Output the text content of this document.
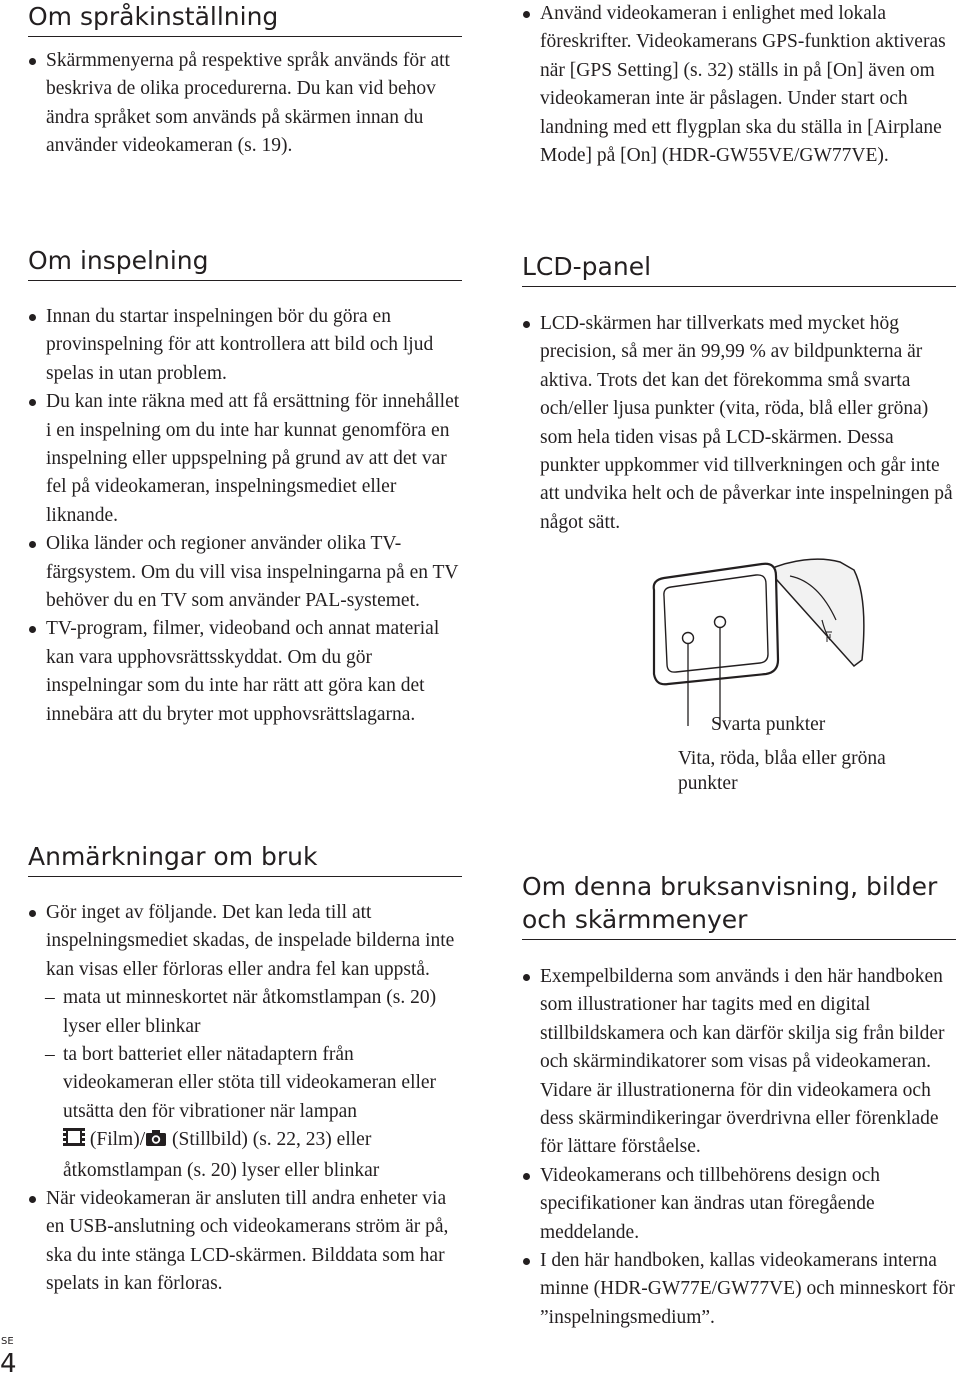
Om språkinställning
Skärmmenyerna på respektive språk används för att beskriva de olika procedurerna. Du kan vid behov ändra språket som används på skärmen innan du använder videokameran (s. 19).
Använd videokameran i enlighet med lokala föreskrifter. Videokamerans GPS-funktion aktiveras när [GPS Setting] (s. 32) ställs in på [On] även om videokameran inte är påslagen. Under start och landning med ett flygplan ska du ställa in [Airplane Mode] på [On] (HDR-GW55VE/GW77VE).
Om inspelning
Innan du startar inspelningen bör du göra en provinspelning för att kontrollera att bild och ljud spelas in utan problem.
Du kan inte räkna med att få ersättning för innehållet i en inspelning om du inte har kunnat genomföra en inspelning eller uppspelning på grund av att det var fel på videokameran, inspelningsmediet eller liknande.
Olika länder och regioner använder olika TV-färgsystem. Om du vill visa inspelningarna på en TV behöver du en TV som använder PAL-systemet.
TV-program, filmer, videoband och annat material kan vara upphovsrättsskyddat. Om du gör inspelningar som du inte har rätt att göra kan det innebära att du bryter mot upphovsrättslagarna.
LCD-panel
LCD-skärmen har tillverkats med mycket hög precision, så mer än 99,99 % av bildpunkterna är aktiva. Trots det kan det förekomma små svarta och/eller ljusa punkter (vita, röda, blå eller gröna) som hela tiden visas på LCD-skärmen. Dessa punkter uppkommer vid tillverkningen och går inte att undvika helt och de påverkar inte inspelningen på något sätt.
Svarta punkter
Vita, röda, blåa eller gröna punkter
Anmärkningar om bruk
Gör inget av följande. Det kan leda till att inspelningsmediet skadas, de inspelade bilderna inte kan visas eller förloras eller andra fel kan uppstå.
– mata ut minneskortet när åtkomstlampan (s. 20) lyser eller blinkar
– ta bort batteriet eller nätadaptern från videokameran eller stöta till videokameran eller utsätta den för vibrationer när lampan
(Film)/ (Stillbild) (s. 22, 23) eller åtkomstlampan (s. 20) lyser eller blinkar
När videokameran är ansluten till andra enheter via en USB-anslutning och videokamerans ström är på, ska du inte stänga LCD-skärmen. Bilddata som har spelats in kan förloras.
Om denna bruksanvisning, bilder och skärmmenyer
Exempelbilderna som används i den här handboken som illustrationer har tagits med en digital stillbildskamera och kan därför skilja sig från bilder och skärmindikatorer som visas på videokameran. Vidare är illustrationerna för din videokamera och dess skärmindikeringar överdrivna eller förenklade för lättare förståelse.
Videokamerans och tillbehörens design och specifikationer kan ändras utan föregående meddelande.
I den här handboken, kallas videokamerans interna minne (HDR-GW77E/GW77VE) och minneskort för ”inspelningsmedium”.
SE
4
